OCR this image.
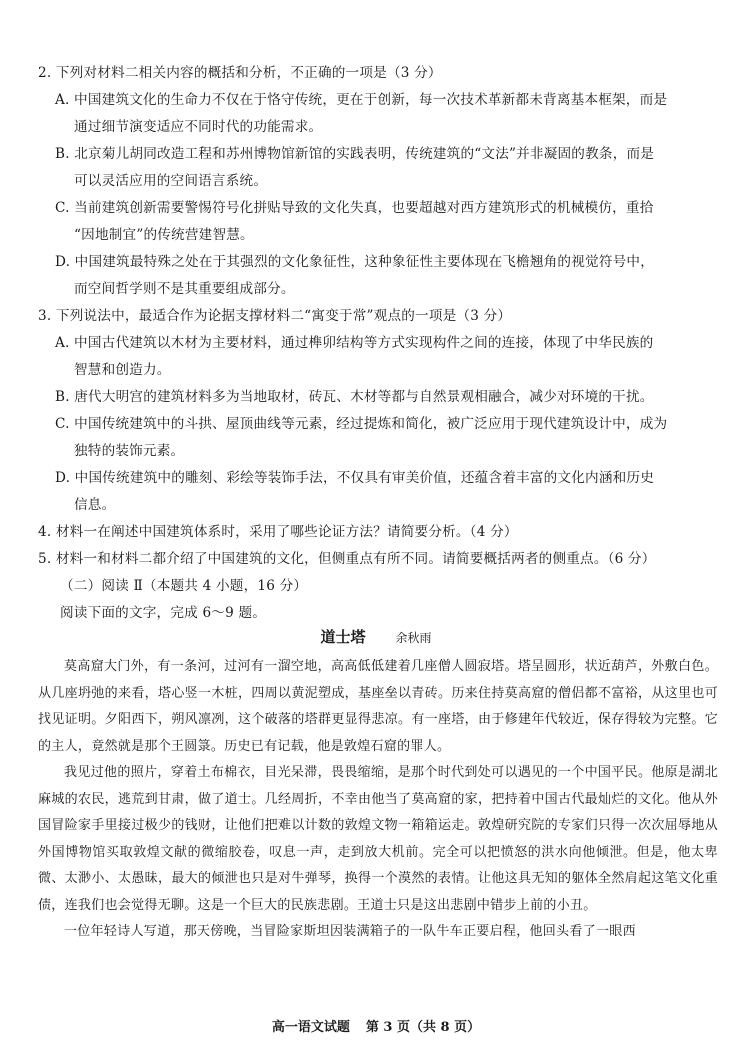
2. 下列对材料二相关内容的概括和分析，不正确的一项是（3 分）
A. 中国建筑文化的生命力不仅在于恪守传统，更在于创新，每一次技术革新都未背离基本框架，而是
通过细节演变适应不同时代的功能需求。
B. 北京菊儿胡同改造工程和苏州博物馆新馆的实践表明，传统建筑的“文法”并非凝固的教条，而是
可以灵活应用的空间语言系统。
C. 当前建筑创新需要警惕符号化拼贴导致的文化失真，也要超越对西方建筑形式的机械模仿，重拾
“因地制宜”的传统营建智慧。
D. 中国建筑最特殊之处在于其强烈的文化象征性，这种象征性主要体现在飞檐翘角的视觉符号中，
而空间哲学则不是其重要组成部分。
3. 下列说法中，最适合作为论据支撑材料二“寓变于常”观点的一项是（3 分）
A. 中国古代建筑以木材为主要材料，通过榫卯结构等方式实现构件之间的连接，体现了中华民族的
智慧和创造力。
B. 唐代大明宫的建筑材料多为当地取材，砖瓦、木材等都与自然景观相融合，减少对环境的干扰。
C. 中国传统建筑中的斗拱、屋顶曲线等元素，经过提炼和简化，被广泛应用于现代建筑设计中，成为
独特的装饰元素。
D. 中国传统建筑中的雕刻、彩绘等装饰手法，不仅具有审美价值，还蕴含着丰富的文化内涵和历史
信息。
4. 材料一在阐述中国建筑体系时，采用了哪些论证方法？请简要分析。（4 分）
5. 材料一和材料二都介绍了中国建筑的文化，但侧重点有所不同。请简要概括两者的侧重点。（6 分）
（二）阅读 Ⅱ（本题共 4 小题，16 分）
阅读下面的文字，完成 6～9 题。
道士塔	余秋雨

莫高窟大门外，有一条河，过河有一溜空地，高高低低建着几座僧人圆寂塔。塔呈圆形，状近葫芦，外敷白色。从几座坍弛的来看，塔心竖一木桩，四周以黄泥塑成，基座垒以青砖。历来住持莫高窟的僧侣都不富裕，从这里也可找见证明。夕阳西下，朔风凛冽，这个破落的塔群更显得悲凉。有一座塔，由于修建年代较近，保存得较为完整。它的主人，竟然就是那个王圆箓。历史已有记载，他是敦煌石窟的罪人。

我见过他的照片，穿着土布棉衣，目光呆滞，畏畏缩缩，是那个时代到处可以遇见的一个中国平民。他原是湖北麻城的农民，逃荒到甘肃，做了道士。几经周折，不幸由他当了莫高窟的家，把持着中国古代最灿烂的文化。他从外国冒险家手里接过极少的钱财，让他们把难以计数的敦煌文物一箱箱运走。敦煌研究院的专家们只得一次次屈辱地从外国博物馆买取敦煌文献的微缩胶卷，叹息一声，走到放大机前。完全可以把愤怒的洪水向他倾泄。但是，他太卑微、太渺小、太愚昧，最大的倾泄也只是对牛弹琴，换得一个漠然的表情。让他这具无知的躯体全然肩起这笔文化重债，连我们也会觉得无聊。这是一个巨大的民族悲剧。王道士只是这出悲剧中错步上前的小丑。

一位年轻诗人写道，那天傍晚，当冒险家斯坦因装满箱子的一队牛车正要启程，他回头看了一眼西

高一语文试题 第 3 页（共 8 页）
